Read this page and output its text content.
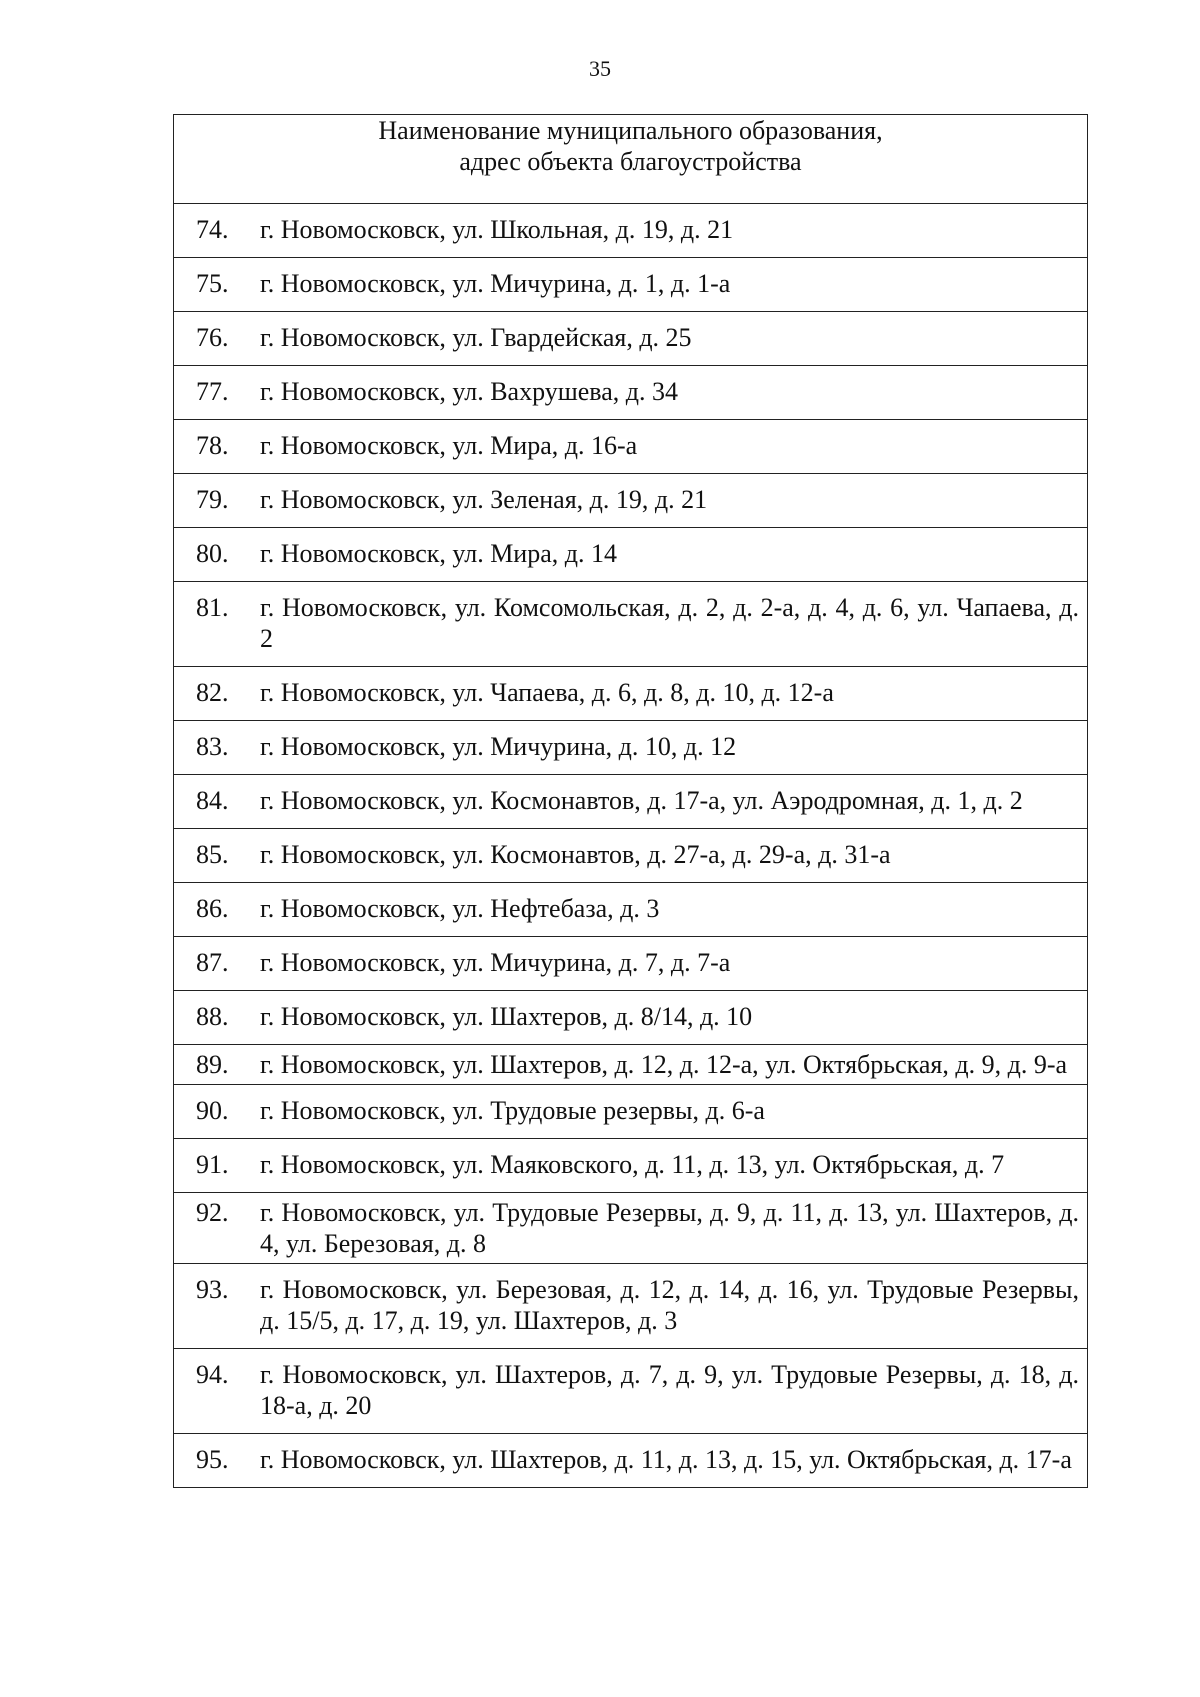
35
Наименование муниципального образования,
адрес объекта благоустройства

74.	г. Новомосковск, ул. Школьная, д. 19, д. 21

75.	г. Новомосковск, ул. Мичурина, д. 1, д. 1-а

76.	г. Новомосковск, ул. Гвардейская, д. 25

77.	г. Новомосковск, ул. Вахрушева, д. 34

78.	г. Новомосковск, ул. Мира, д. 16-а

79.	г. Новомосковск, ул. Зеленая, д. 19, д. 21

80.	г. Новомосковск, ул. Мира, д. 14

81.	г. Новомосковск, ул. Комсомольская, д. 2, д. 2-а, д. 4, д. 6, ул. Чапаева, д. 2

82.	г. Новомосковск, ул. Чапаева, д. 6, д. 8, д. 10, д. 12-а

83.	г. Новомосковск, ул. Мичурина, д. 10, д. 12

84.	г. Новомосковск, ул. Космонавтов, д. 17-а, ул. Аэродромная, д. 1, д. 2

85.	г. Новомосковск, ул. Космонавтов, д. 27-а, д. 29-а, д. 31-а

86.	г. Новомосковск, ул. Нефтебаза, д. 3

87.	г. Новомосковск, ул. Мичурина, д. 7, д. 7-а

88.	г. Новомосковск, ул. Шахтеров, д. 8/14, д. 10

89.	г. Новомосковск, ул. Шахтеров, д. 12, д. 12-а, ул. Октябрьская, д. 9, д. 9-а

90.	г. Новомосковск, ул. Трудовые резервы, д. 6-а

91.	г. Новомосковск, ул. Маяковского, д. 11, д. 13, ул. Октябрьская, д. 7

92.	г. Новомосковск, ул. Трудовые Резервы, д. 9, д. 11, д. 13, ул. Шахтеров, д. 4, ул. Березовая, д. 8

93.	г. Новомосковск, ул. Березовая, д. 12, д. 14, д. 16, ул. Трудовые Резервы, д. 15/5, д. 17, д. 19, ул. Шахтеров, д. 3

94.	г. Новомосковск, ул. Шахтеров, д. 7, д. 9, ул. Трудовые Резервы, д. 18, д. 18-а, д. 20

95.	г. Новомосковск, ул. Шахтеров, д. 11, д. 13, д. 15, ул. Октябрьская, д. 17-а
